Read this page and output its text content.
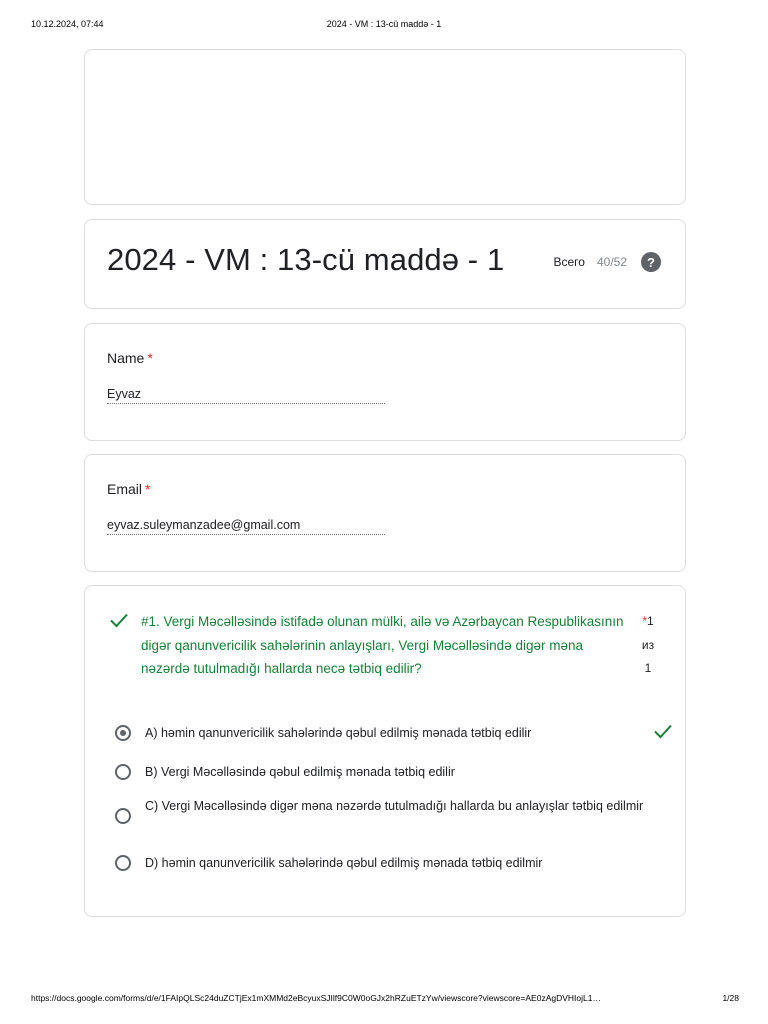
10.12.2024, 07:44	2024 - VM : 13-cü maddə - 1
2024 - VM : 13-cü maddə - 1	Всего 40/52	?
Name *
Eyvaz
Email *
eyvaz.suleymanzadee@gmail.com
#1. Vergi Məcəlləsində istifadə olunan mülki, ailə və Azərbaycan Respublikasının digər qanunvericilik sahələrinin anlayışları, Vergi Məcəlləsində digər məna nəzərdə tutulmadığı hallarda necə tətbiq edilir?
*1
из
1
A) həmin qanunvericilik sahələrində qəbul edilmiş mənada tətbiq edilir
B) Vergi Məcəlləsində qəbul edilmiş mənada tətbiq edilir
C) Vergi Məcəlləsində digər məna nəzərdə tutulmadığı hallarda bu anlayışlar tətbiq edilmir
D) həmin qanunvericilik sahələrində qəbul edilmiş mənada tətbiq edilmir
https://docs.google.com/forms/d/e/1FAIpQLSc24duZCTjEx1mXMMd2eBcyuxSJIlf9C0W0oGJx2hRZuETzYw/viewscore?viewscore=AE0zAgDVHIojL1…	1/28
